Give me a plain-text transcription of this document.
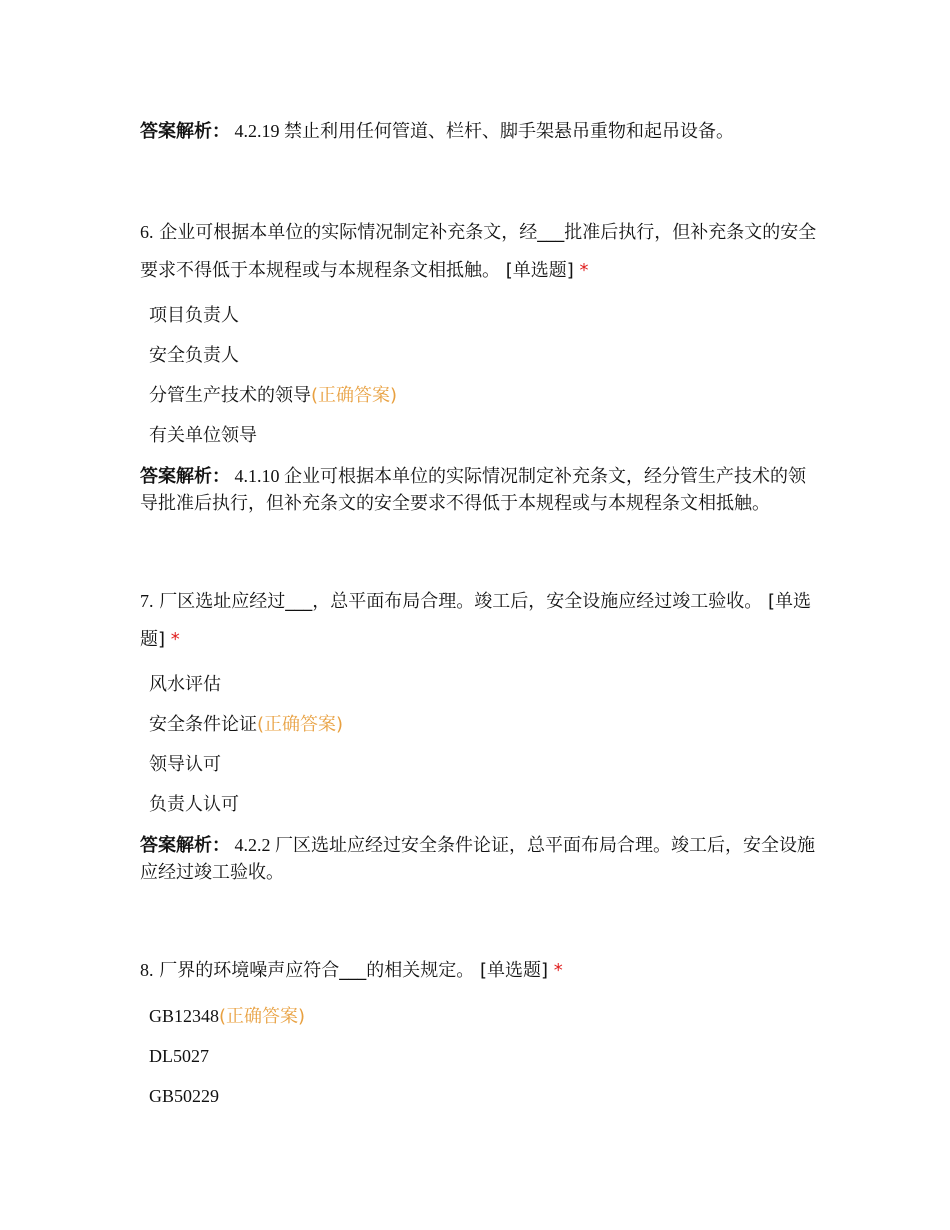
答案解析： 4.2.19 禁止利用任何管道、栏杆、脚手架悬吊重物和起吊设备。
6. 企业可根据本单位的实际情况制定补充条文，经___批准后执行，但补充条文的安全要求不得低于本规程或与本规程条文相抵触。 [单选题] *
项目负责人
安全负责人
分管生产技术的领导(正确答案)
有关单位领导
答案解析： 4.1.10 企业可根据本单位的实际情况制定补充条文，经分管生产技术的领导批准后执行，但补充条文的安全要求不得低于本规程或与本规程条文相抵触。
7. 厂区选址应经过___，总平面布局合理。竣工后，安全设施应经过竣工验收。 [单选题] *
风水评估
安全条件论证(正确答案)
领导认可
负责人认可
答案解析： 4.2.2 厂区选址应经过安全条件论证，总平面布局合理。竣工后，安全设施应经过竣工验收。
8. 厂界的环境噪声应符合___的相关规定。 [单选题] *
GB12348(正确答案)
DL5027
GB50229
